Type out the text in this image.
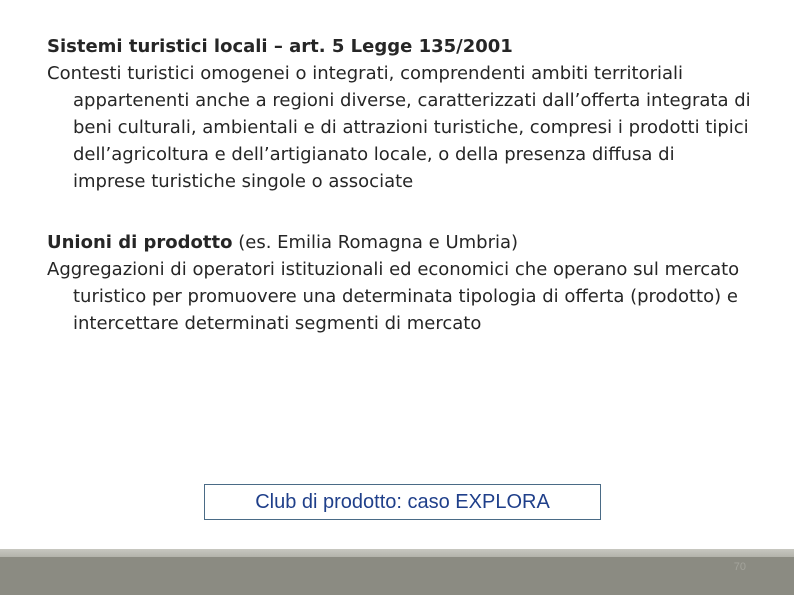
Sistemi turistici locali – art. 5 Legge 135/2001

Contesti turistici omogenei o integrati, comprendenti ambiti territoriali appartenenti anche a regioni diverse, caratterizzati dall’offerta integrata di beni culturali, ambientali e di attrazioni turistiche, compresi i prodotti tipici dell’agricoltura e dell’artigianato locale, o della presenza diffusa di imprese turistiche singole o associate

Unioni di prodotto (es. Emilia Romagna e Umbria)

Aggregazioni di operatori istituzionali ed economici che operano sul mercato turistico per promuovere una determinata tipologia di offerta (prodotto) e intercettare determinati segmenti di mercato

Club di prodotto: caso EXPLORA
70
